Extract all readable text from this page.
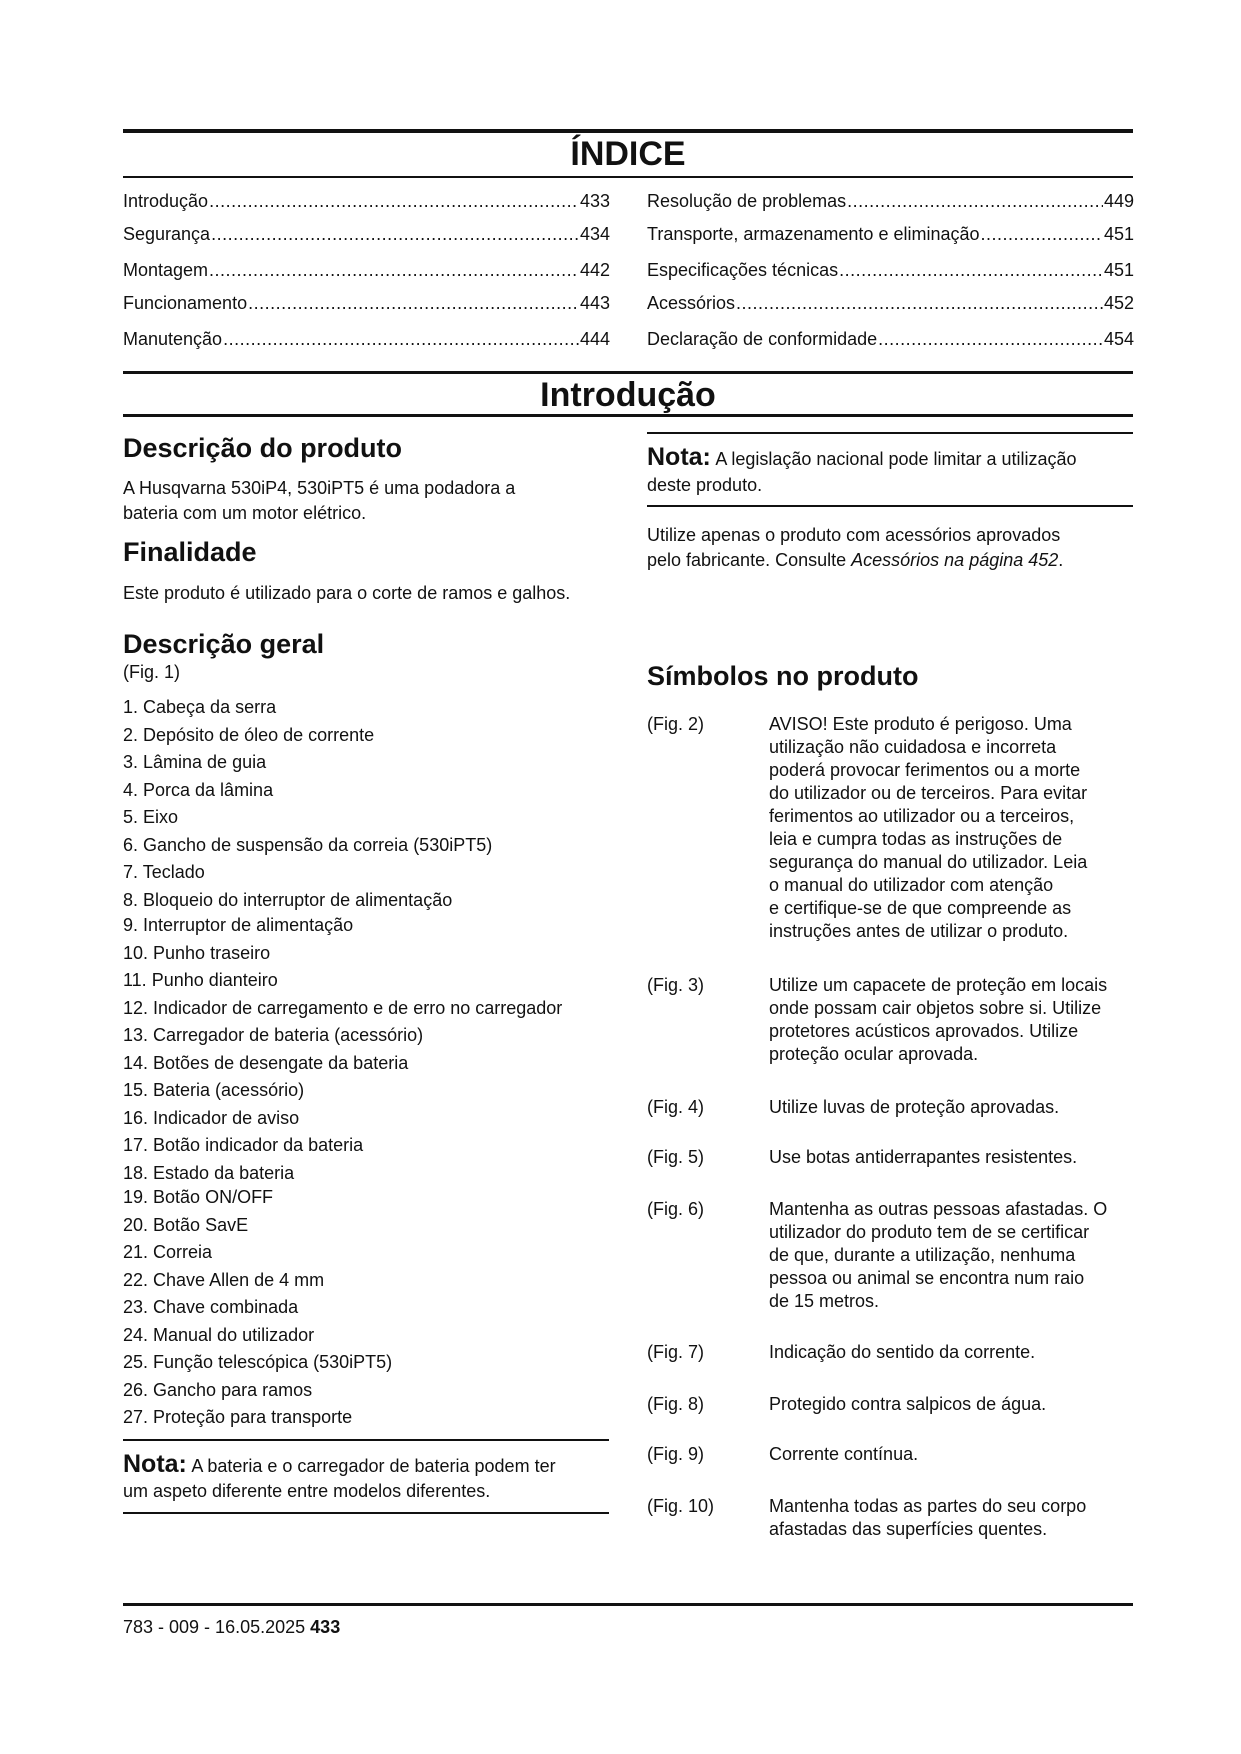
ÍNDICE
Introdução .....	433
Segurança .....	434
Montagem .....	442
Funcionamento .....	443
Manutenção .....	444
Resolução de problemas .....	449
Transporte, armazenamento e eliminação .....	451
Especificações técnicas .....	451
Acessórios .....	452
Declaração de conformidade .....	454
Introdução
Descrição do produto
A Husqvarna 530iP4, 530iPT5 é uma podadora a
bateria com um motor elétrico.
Finalidade
Este produto é utilizado para o corte de ramos e galhos.
Descrição geral
(Fig. 1)
1. Cabeça da serra
2. Depósito de óleo de corrente
3. Lâmina de guia
4. Porca da lâmina
5. Eixo
6. Gancho de suspensão da correia (530iPT5)
7. Teclado
8. Bloqueio do interruptor de alimentação
9. Interruptor de alimentação
10. Punho traseiro
11. Punho dianteiro
12. Indicador de carregamento e de erro no carregador
13. Carregador de bateria (acessório)
14. Botões de desengate da bateria
15. Bateria (acessório)
16. Indicador de aviso
17. Botão indicador da bateria
18. Estado da bateria
19. Botão ON/OFF
20. Botão SavE
21. Correia
22. Chave Allen de 4 mm
23. Chave combinada
24. Manual do utilizador
25. Função telescópica (530iPT5)
26. Gancho para ramos
27. Proteção para transporte
Nota: A bateria e o carregador de bateria podem ter
um aspeto diferente entre modelos diferentes.
Nota: A legislação nacional pode limitar a utilização
deste produto.
Utilize apenas o produto com acessórios aprovados
pelo fabricante. Consulte Acessórios na página 452.
Símbolos no produto
(Fig. 2)	AVISO! Este produto é perigoso. Uma
utilização não cuidadosa e incorreta
poderá provocar ferimentos ou a morte
do utilizador ou de terceiros. Para evitar
ferimentos ao utilizador ou a terceiros,
leia e cumpra todas as instruções de
segurança do manual do utilizador. Leia
o manual do utilizador com atenção
e certifique-se de que compreende as
instruções antes de utilizar o produto.
(Fig. 3)	Utilize um capacete de proteção em locais
onde possam cair objetos sobre si. Utilize
protetores acústicos aprovados. Utilize
proteção ocular aprovada.
(Fig. 4)	Utilize luvas de proteção aprovadas.
(Fig. 5)	Use botas antiderrapantes resistentes.
(Fig. 6)	Mantenha as outras pessoas afastadas. O
utilizador do produto tem de se certificar
de que, durante a utilização, nenhuma
pessoa ou animal se encontra num raio
de 15 metros.
(Fig. 7)	Indicação do sentido da corrente.
(Fig. 8)	Protegido contra salpicos de água.
(Fig. 9)	Corrente contínua.
(Fig. 10)	Mantenha todas as partes do seu corpo
afastadas das superfícies quentes.
783 - 009 - 16.05.2025 433
